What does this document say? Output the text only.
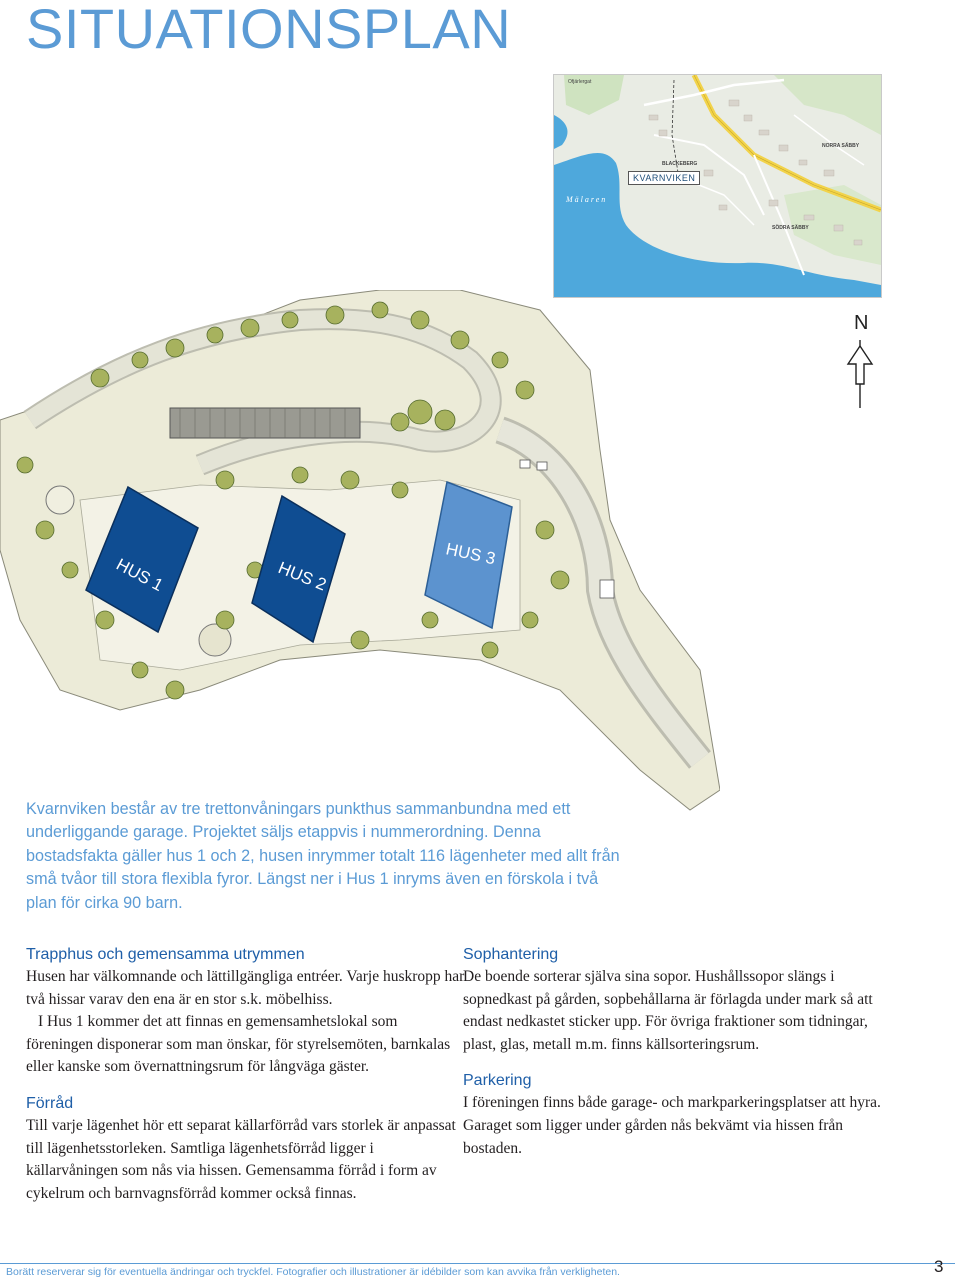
SITUATIONSPLAN
Ofjärlergat
BLACKEBERG
NORRA SÄBBY
SÖDRA SÄBBY
KVARNVIKEN
Mälaren
N
HUS 1	HUS 2
HUS 3

Kvarnviken består av tre trettonvåningars punkthus sammanbundna med ett underliggande garage. Projektet säljs etappvis i nummerordning. Denna bostadsfakta gäller hus 1 och 2, husen inrymmer totalt 116 lägenheter med allt från små tvåor till stora flexibla fyror. Längst ner i Hus 1 inryms även en förskola i två plan för cirka 90 barn.

Trapphus och gemensamma utrymmen

Husen har välkomnande och lättillgängliga entréer. Varje huskropp har två hissar varav den ena är en stor s.k. möbelhiss.

I Hus 1 kommer det att finnas en gemensamhetslokal som föreningen disponerar som man önskar, för styrelsemöten, barnkalas eller kanske som övernattningsrum för långväga gäster.

Förråd

Till varje lägenhet hör ett separat källarförråd vars storlek är anpassat till lägenhetsstorleken. Samtliga lägenhetsförråd ligger i källarvåningen som nås via hissen. Gemensamma förråd i form av cykelrum och barnvagnsförråd kommer också finnas.

Sophantering

De boende sorterar själva sina sopor. Hushållssopor slängs i sopnedkast på gården, sopbehållarna är förlagda under mark så att endast nedkastet sticker upp. För övriga fraktioner som tidningar, plast, glas, metall m.m. finns källsorteringsrum.

Parkering

I föreningen finns både garage- och markparkeringsplatser att hyra. Garaget som ligger under gården nås bekvämt via hissen från bostaden.

Borätt reserverar sig för eventuella ändringar och tryckfel. Fotografier och illustrationer är idébilder som kan avvika från verkligheten.	3
